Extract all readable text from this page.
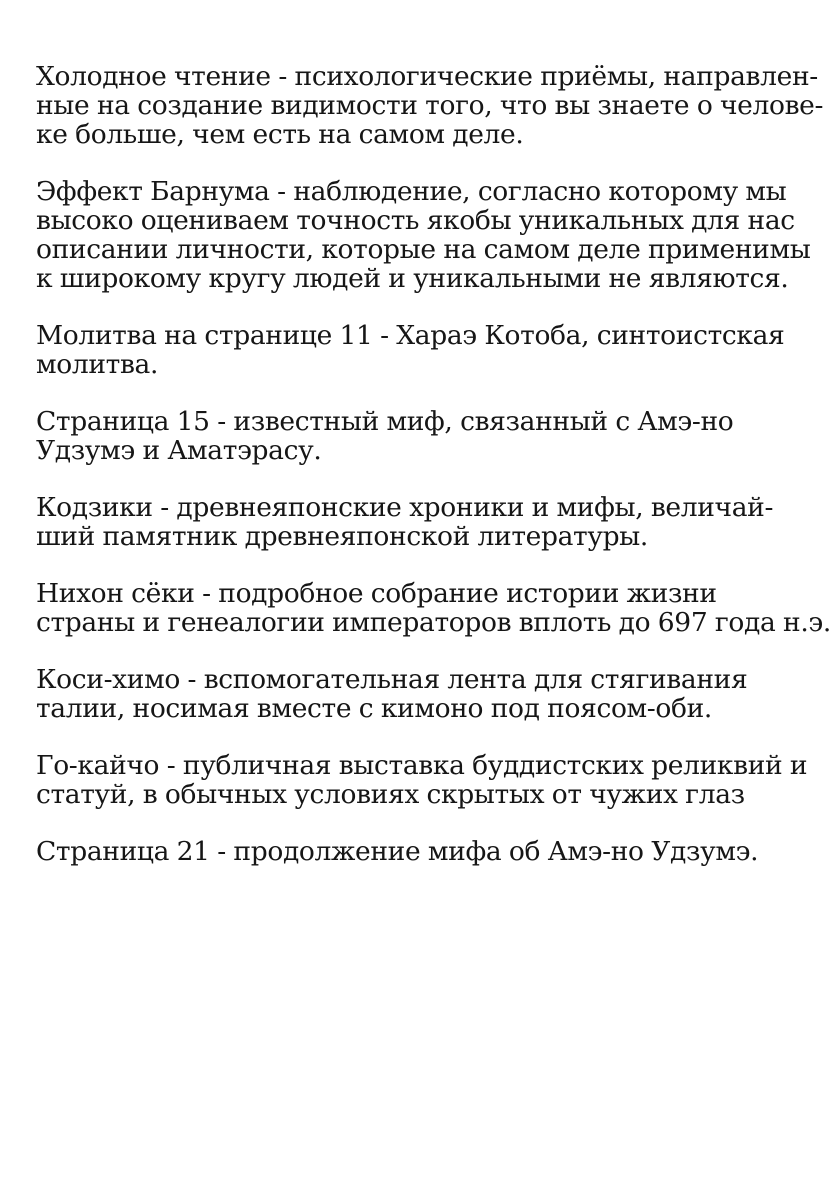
Холодное чтение - психологические приёмы, направлен-
ные на создание видимости того, что вы знаете о челове-
ке больше, чем есть на самом деле.

Эффект Барнума - наблюдение, согласно которому мы
высоко оцениваем точность якобы уникальных для нас
описании личности, которые на самом деле применимы
к широкому кругу людей и уникальными не являются.

Молитва на странице 11 - Хараэ Котоба, синтоистская
молитва.

Страница 15 - известный миф, связанный с Амэ-но
Удзумэ и Аматэрасу.

Кодзики - древнеяпонские хроники и мифы, величай-
ший памятник древнеяпонской литературы.

Нихон сёки - подробное собрание истории жизни
страны и генеалогии императоров вплоть до 697 года н.э.

Коси-химо - вспомогательная лента для стягивания
талии, носимая вместе с кимоно под поясом-оби.

Го-кайчо - публичная выставка буддистских реликвий и
статуй, в обычных условиях скрытых от чужих глаз

Страница 21 - продолжение мифа об Амэ-но Удзумэ.
